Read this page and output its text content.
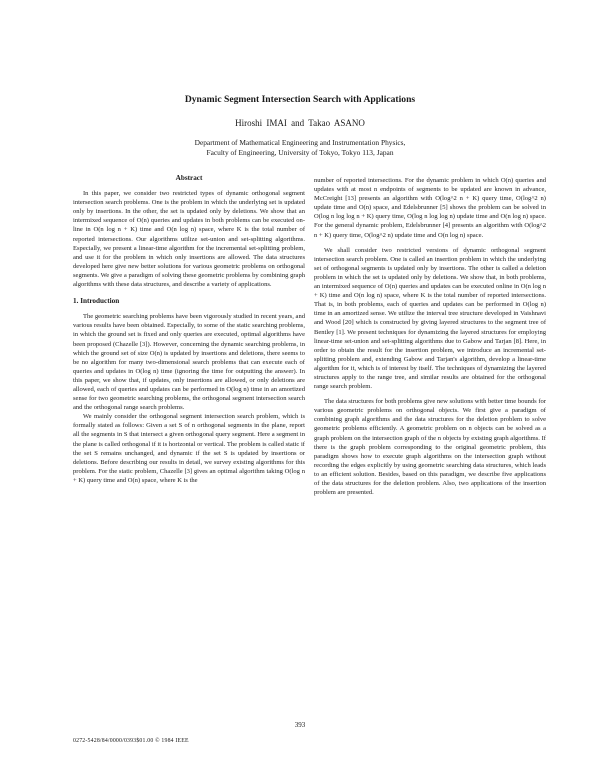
Dynamic Segment Intersection Search with Applications
Hiroshi IMAI and Takao ASANO
Department of Mathematical Engineering and Instrumentation Physics,
Faculty of Engineering, University of Tokyo, Tokyo 113, Japan
Abstract

In this paper, we consider two restricted types of dynamic orthogonal segment intersection search problems. One is the problem in which the underlying set is updated only by insertions. In the other, the set is updated only by deletions. We show that an intermixed sequence of O(n) queries and updates in both problems can be executed on-line in O(n log n + K) time and O(n log n) space, where K is the total number of reported intersections. Our algorithms utilize set-union and set-splitting algorithms. Especially, we present a linear-time algorithm for the incremental set-splitting problem, and use it for the problem in which only insertions are allowed. The data structures developed here give new better solutions for various geometric problems on orthogonal segments. We give a paradigm of solving these geometric problems by combining graph algorithms with these data structures, and describe a variety of applications.

1. Introduction

The geometric searching problems have been vigorously studied in recent years, and various results have been obtained. Especially, to some of the static searching problems, in which the ground set is fixed and only queries are executed, optimal algorithms have been proposed (Chazelle [3]). However, concerning the dynamic searching problems, in which the ground set of size O(n) is updated by insertions and deletions, there seems to be no algorithm for many two-dimensional search problems that can execute each of queries and updates in O(log n) time (ignoring the time for outputting the answer). In this paper, we show that, if updates, only insertions are allowed, or only deletions are allowed, each of queries and updates can be performed in O(log n) time in an amortized sense for two geometric searching problems, the orthogonal segment intersection search and the orthogonal range search problems.

We mainly consider the orthogonal segment intersection search problem, which is formally stated as follows: Given a set S of n orthogonal segments in the plane, report all the segments in S that intersect a given orthogonal query segment. Here a segment in the plane is called orthogonal if it is horizontal or vertical. The problem is called static if the set S remains unchanged, and dynamic if the set S is updated by insertions or deletions. Before describing our results in detail, we survey existing algorithms for this problem. For the static problem, Chazelle [3] gives an optimal algorithm taking O(log n + K) query time and O(n) space, where K is the

number of reported intersections. For the dynamic problem in which O(n) queries and updates with at most n endpoints of segments to be updated are known in advance, McCreight [13] presents an algorithm with O(log^2 n + K) query time, O(log^2 n) update time and O(n) space, and Edelsbrunner [5] shows the problem can be solved in O(log n log log n + K) query time, O(log n log log n) update time and O(n log n) space. For the general dynamic problem, Edelsbrunner [4] presents an algorithm with O(log^2 n + K) query time, O(log^2 n) update time and O(n log n) space.

We shall consider two restricted versions of dynamic orthogonal segment intersection search problem. One is called an insertion problem in which the underlying set of orthogonal segments is updated only by insertions. The other is called a deletion problem in which the set is updated only by deletions. We show that, in both problems, an intermixed sequence of O(n) queries and updates can be executed online in O(n log n + K) time and O(n log n) space, where K is the total number of reported intersections. That is, in both problems, each of queries and updates can be performed in O(log n) time in an amortized sense. We utilize the interval tree structure developed in Vaishnavi and Wood [20] which is constructed by giving layered structures to the segment tree of Bentley [1]. We present techniques for dynamizing the layered structures for employing linear-time set-union and set-splitting algorithms due to Gabow and Tarjan [8]. Here, in order to obtain the result for the insertion problem, we introduce an incremental set-splitting problem and, extending Gabow and Tarjan's algorithm, develop a linear-time algorithm for it, which is of interest by itself. The techniques of dynamizing the layered structures apply to the range tree, and similar results are obtained for the orthogonal range search problem.

The data structures for both problems give new solutions with better time bounds for various geometric problems on orthogonal objects. We first give a paradigm of combining graph algorithms and the data structures for the deletion problem to solve geometric problems efficiently. A geometric problem on n objects can be solved as a graph problem on the intersection graph of the n objects by existing graph algorithms. If there is the graph problem corresponding to the original geometric problem, this paradigm shows how to execute graph algorithms on the intersection graph without recording the edges explicitly by using geometric searching data structures, which leads to an efficient solution. Besides, based on this paradigm, we describe five applications of the data structures for the deletion problem. Also, two applications of the insertion problem are presented.

393
0272-5428/84/0000/0393$01.00 © 1984 IEEE
